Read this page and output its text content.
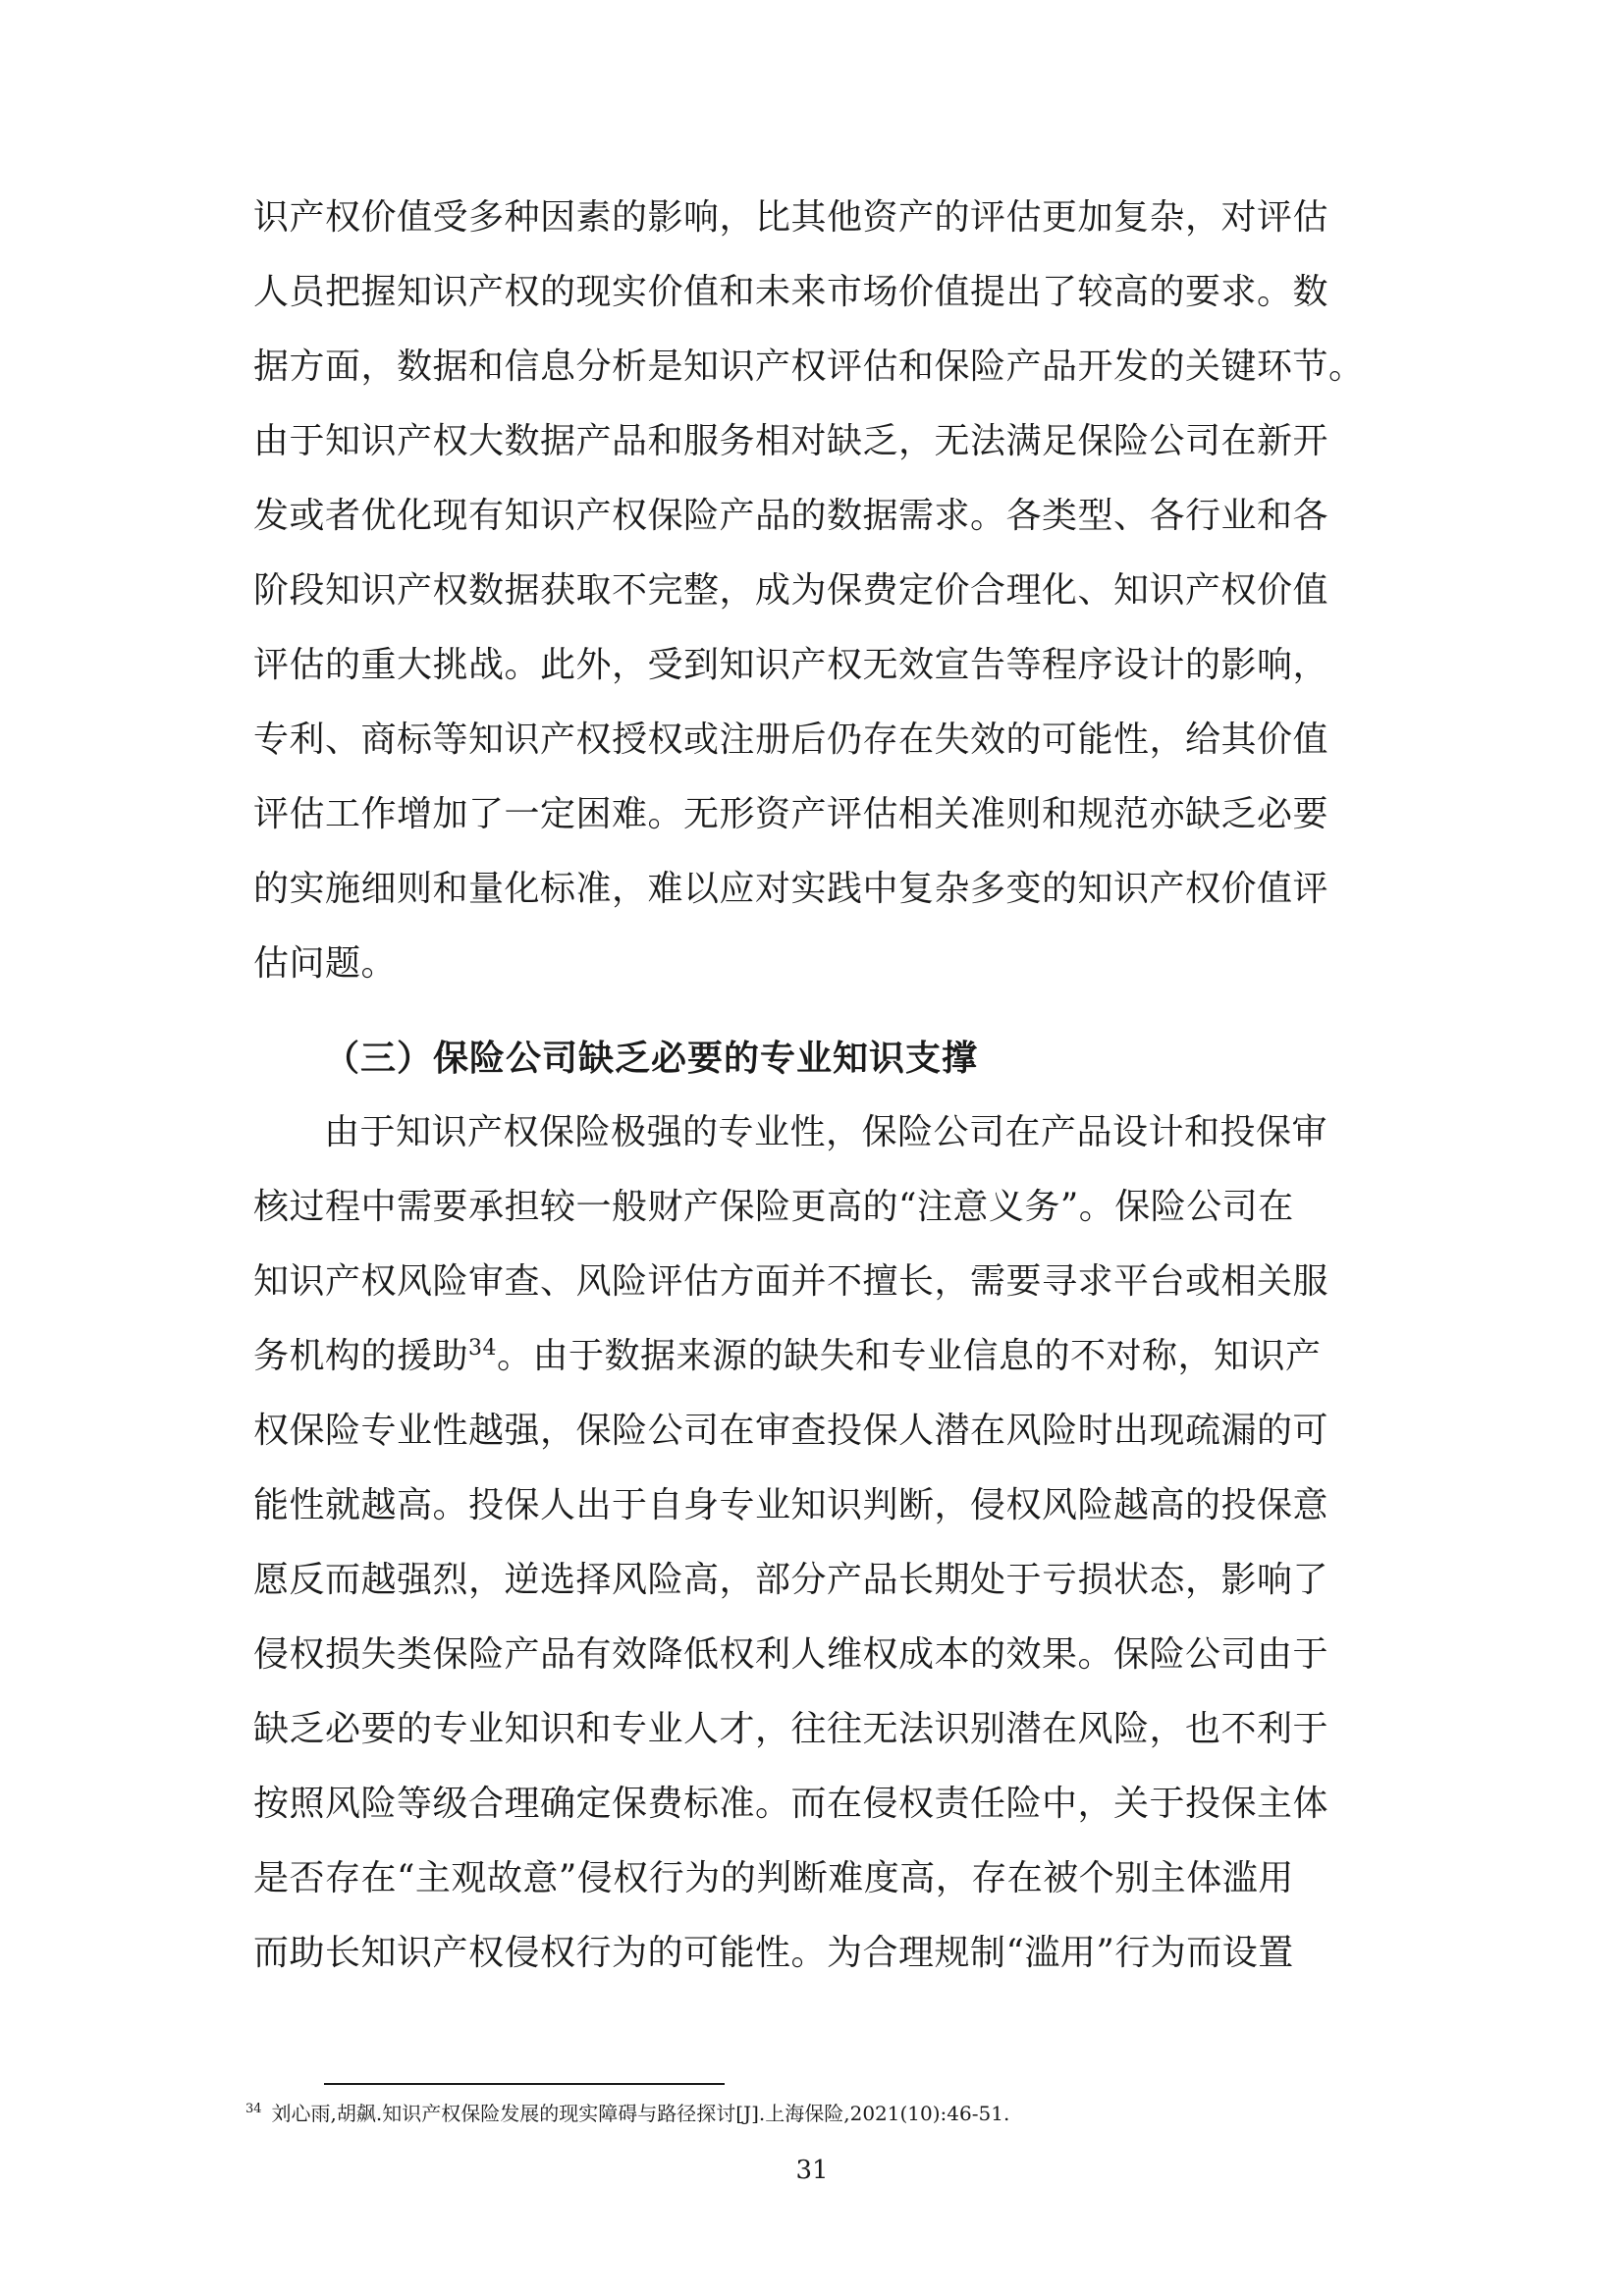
识产权价值受多种因素的影响，比其他资产的评估更加复杂，对评估
人员把握知识产权的现实价值和未来市场价值提出了较高的要求。数
据方面，数据和信息分析是知识产权评估和保险产品开发的关键环节。
由于知识产权大数据产品和服务相对缺乏，无法满足保险公司在新开
发或者优化现有知识产权保险产品的数据需求。各类型、各行业和各
阶段知识产权数据获取不完整，成为保费定价合理化、知识产权价值
评估的重大挑战。此外，受到知识产权无效宣告等程序设计的影响，
专利、商标等知识产权授权或注册后仍存在失效的可能性，给其价值
评估工作增加了一定困难。无形资产评估相关准则和规范亦缺乏必要
的实施细则和量化标准，难以应对实践中复杂多变的知识产权价值评
估问题。
（三）保险公司缺乏必要的专业知识支撑
由于知识产权保险极强的专业性，保险公司在产品设计和投保审
核过程中需要承担较一般财产保险更高的“注意义务”。保险公司在
知识产权风险审查、风险评估方面并不擅长，需要寻求平台或相关服
务机构的援助$^{34}$。由于数据来源的缺失和专业信息的不对称，知识产
权保险专业性越强，保险公司在审查投保人潜在风险时出现疏漏的可
能性就越高。投保人出于自身专业知识判断，侵权风险越高的投保意
愿反而越强烈，逆选择风险高，部分产品长期处于亏损状态，影响了
侵权损失类保险产品有效降低权利人维权成本的效果。保险公司由于
缺乏必要的专业知识和专业人才，往往无法识别潜在风险，也不利于
按照风险等级合理确定保费标准。而在侵权责任险中，关于投保主体
是否存在“主观故意”侵权行为的判断难度高，存在被个别主体滥用
而助长知识产权侵权行为的可能性。为合理规制“滥用”行为而设置
$^{34}$ 刘心雨,胡飙.知识产权保险发展的现实障碍与路径探讨[J].上海保险,2021(10):46-51.
31
